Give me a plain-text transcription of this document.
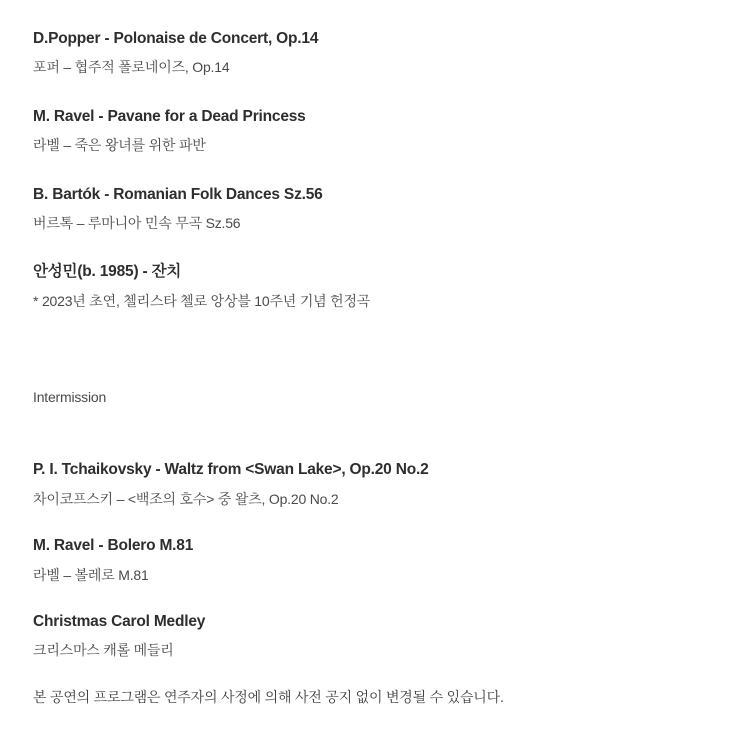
D.Popper - Polonaise de Concert, Op.14
포퍼 – 협주적 폴로네이즈, Op.14
M. Ravel - Pavane for a Dead Princess
라벨 – 죽은 왕녀를 위한 파반
B. Bartók - Romanian Folk Dances Sz.56
버르톡 – 루마니아 민속 무곡 Sz.56
안성민(b. 1985) - 잔치
* 2023년 초연, 첼리스타 첼로 앙상블 10주년 기념 헌정곡
Intermission
P. I. Tchaikovsky - Waltz from <Swan Lake>, Op.20 No.2
차이코프스키 – <백조의 호수> 중 왈츠, Op.20 No.2
M. Ravel - Bolero M.81
라벨 – 볼레로 M.81
Christmas Carol Medley
크리스마스 캐롤 메들리
본 공연의 프로그램은 연주자의 사정에 의해 사전 공지 없이 변경될 수 있습니다.
